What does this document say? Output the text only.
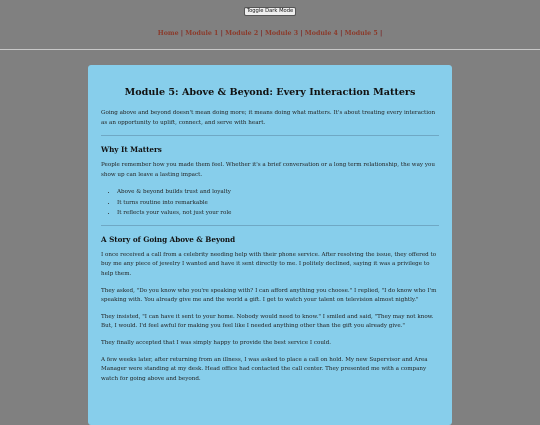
Toggle Dark Mode
Home | Module 1 | Module 2 | Module 3 | Module 4 | Module 5 |
Module 5: Above & Beyond: Every Interaction Matters

Going above and beyond doesn't mean doing more; it means doing what matters. It's about treating every interaction as an opportunity to uplift, connect, and serve with heart.

Why It Matters

People remember how you made them feel. Whether it's a brief conversation or a long term relationship, the way you show up can leave a lasting impact.

• Above & beyond builds trust and loyalty
• It turns routine into remarkable
• It reflects your values, not just your role
A Story of Going Above & Beyond

I once received a call from a celebrity needing help with their phone service. After resolving the issue, they offered to buy me any piece of jewelry I wanted and have it sent directly to me. I politely declined, saying it was a privilege to help them.

They asked, "Do you know who you're speaking with? I can afford anything you choose." I replied, "I do know who I'm speaking with. You already give me and the world a gift. I get to watch your talent on television almost nightly."

They insisted, "I can have it sent to your home. Nobody would need to know." I smiled and said, "They may not know. But, I would. I'd feel awful for making you feel like I needed anything other than the gift you already give."

They finally accepted that I was simply happy to provide the best service I could.

A few weeks later, after returning from an illness, I was asked to place a call on hold. My new Supervisor and Area Manager were standing at my desk. Head office had contacted the call center. They presented me with a company watch for going above and beyond.
